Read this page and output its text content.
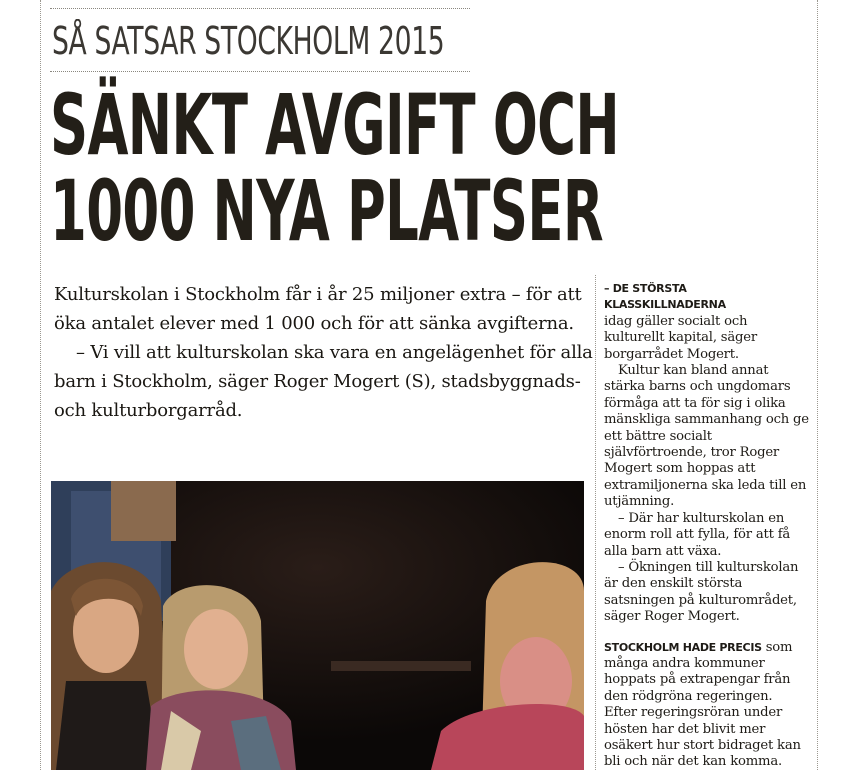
SÅ SATSAR STOCKHOLM 2015
SÄNKT AVGIFT OCH
1000 NYA PLATSER

Kulturskolan i Stockholm får i år 25 miljoner extra – för att öka antalet elever med 1 000 och för att sänka avgifterna.

– Vi vill att kulturskolan ska vara en angelägenhet för alla barn i Stockholm, säger Roger Mogert (S), stadsbyggnads- och kulturborgarråd.

– DE STÖRSTA KLASSKILLNADERNA

idag gäller socialt och kulturellt kapital, säger borgarrådet Mogert.

Kultur kan bland annat stärka barns och ungdomars förmåga att ta för sig i olika mänskliga sammanhang och ge ett bättre socialt självförtroende, tror Roger Mogert som hoppas att extramiljonerna ska leda till en utjämning.

– Där har kulturskolan en enorm roll att fylla, för att få alla barn att växa.

– Ökningen till kulturskolan är den enskilt största satsningen på kulturområdet, säger Roger Mogert.

STOCKHOLM HADE PRECIS som många andra kommuner hoppats på extrapengar från den rödgröna regeringen. Efter regeringsröran under hösten har det blivit mer osäkert hur stort bidraget kan bli och när det kan komma.
